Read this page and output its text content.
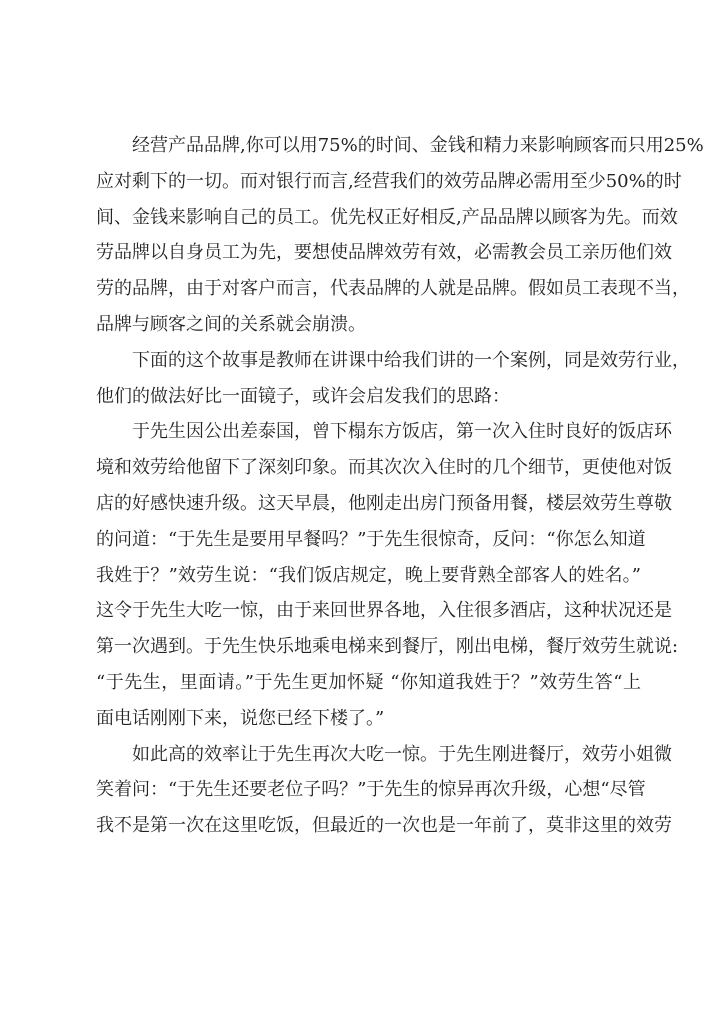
经营产品品牌,你可以用75%的时间、金钱和精力来影响顾客而只用25%
应对剩下的一切。而对银行而言,经营我们的效劳品牌必需用至少50%的时
间、金钱来影响自己的员工。优先权正好相反,产品品牌以顾客为先。而效
劳品牌以自身员工为先，要想使品牌效劳有效，必需教会员工亲历他们效
劳的品牌，由于对客户而言，代表品牌的人就是品牌。假如员工表现不当，
品牌与顾客之间的关系就会崩溃。

下面的这个故事是教师在讲课中给我们讲的一个案例，同是效劳行业，
他们的做法好比一面镜子，或许会启发我们的思路：

于先生因公出差泰国，曾下榻东方饭店，第一次入住时良好的饭店环
境和效劳给他留下了深刻印象。而其次次入住时的几个细节，更使他对饭
店的好感快速升级。这天早晨，他刚走出房门预备用餐，楼层效劳生尊敬
的问道：“于先生是要用早餐吗？”于先生很惊奇，反问：“你怎么知道
我姓于？”效劳生说：“我们饭店规定，晚上要背熟全部客人的姓名。”
这令于先生大吃一惊，由于来回世界各地，入住很多酒店，这种状况还是
第一次遇到。于先生快乐地乘电梯来到餐厅，刚出电梯，餐厅效劳生就说:
“于先生，里面请。”于先生更加怀疑 “你知道我姓于？”效劳生答“上
面电话刚刚下来，说您已经下楼了。”

如此高的效率让于先生再次大吃一惊。于先生刚进餐厅，效劳小姐微
笑着问：“于先生还要老位子吗？”于先生的惊异再次升级，心想“尽管
我不是第一次在这里吃饭，但最近的一次也是一年前了，莫非这里的效劳
